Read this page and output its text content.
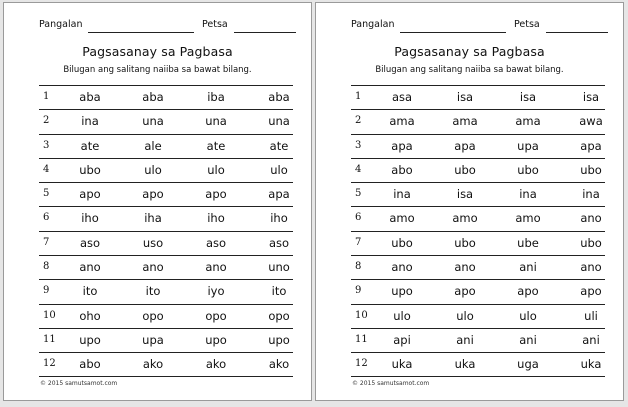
Pangalan	Petsa
Pagsasanay sa Pagbasa
Bilugan ang salitang naiiba sa bawat bilang.
1	aba	aba	iba	aba
2	ina	una	una	una
3	ate	ale	ate	ate
4	ubo	ulo	ulo	ulo
5	apo	apo	apo	apa
6	iho	iha	iho	iho
7	aso	uso	aso	aso
8	ano	ano	ano	uno
9	ito	ito	iyo	ito
10	oho	opo	opo	opo
11	upo	upa	upo	upo
12	abo	ako	ako	ako
© 2015 samutsamot.com
Pangalan	Petsa
Pagsasanay sa Pagbasa
Bilugan ang salitang naiiba sa bawat bilang.
1	asa	isa	isa	isa
2	ama	ama	ama	awa
3	apa	apa	upa	apa
4	abo	ubo	ubo	ubo
5	ina	isa	ina	ina
6	amo	amo	amo	ano
7	ubo	ubo	ube	ubo
8	ano	ano	ani	ano
9	upo	apo	apo	apo
10	ulo	ulo	ulo	uli
11	api	ani	ani	ani
12	uka	uka	uga	uka
© 2015 samutsamot.com
